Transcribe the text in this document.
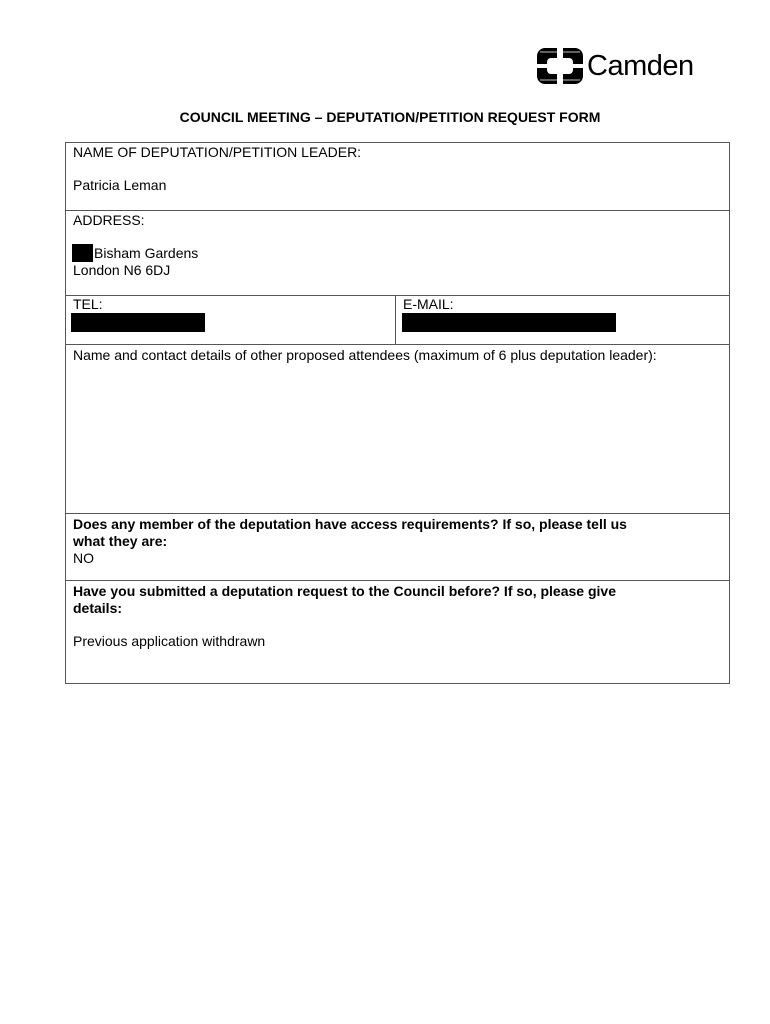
Camden
COUNCIL MEETING – DEPUTATION/PETITION REQUEST FORM
NAME OF DEPUTATION/PETITION LEADER:
Patricia Leman
ADDRESS:
Bisham Gardens
London N6 6DJ
TEL:	E-MAIL:
Name and contact details of other proposed attendees (maximum of 6 plus deputation leader):
Does any member of the deputation have access requirements? If so, please tell us
what they are:
NO
Have you submitted a deputation request to the Council before? If so, please give
details:
Previous application withdrawn
